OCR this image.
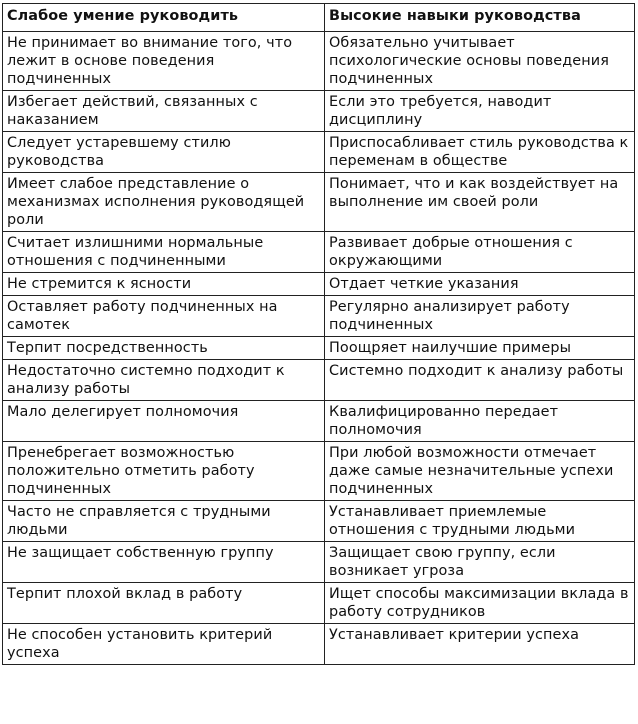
Слабое умение руководить	Высокие навыки руководства
Не принимает во внимание того, что лежит в основе поведения подчиненных	Обязательно учитывает психологические основы поведения подчиненных
Избегает действий, связанных с наказанием	Если это требуется, наводит дисциплину
Следует устаревшему стилю руководства	Приспосабливает стиль руководства к переменам в обществе
Имеет слабое представление о механизмах исполнения руководящей роли	Понимает, что и как воздействует на выполнение им своей роли
Считает излишними нормальные отношения с подчиненными	Развивает добрые отношения с окружающими
Не стремится к ясности	Отдает четкие указания
Оставляет работу подчиненных на самотек	Регулярно анализирует работу подчиненных
Терпит посредственность	Поощряет наилучшие примеры
Недостаточно системно подходит к анализу работы	Системно подходит к анализу работы
Мало делегирует полномочия	Квалифицированно передает полномочия
Пренебрегает возможностью положительно отметить работу подчиненных	При любой возможности отмечает даже самые незначительные успехи подчиненных
Часто не справляется с трудными людьми	Устанавливает приемлемые отношения с трудными людьми
Не защищает собственную группу	Защищает свою группу, если возникает угроза
Терпит плохой вклад в работу	Ищет способы максимизации вклада в работу сотрудников
Не способен установить критерий успеха	Устанавливает критерии успеха
